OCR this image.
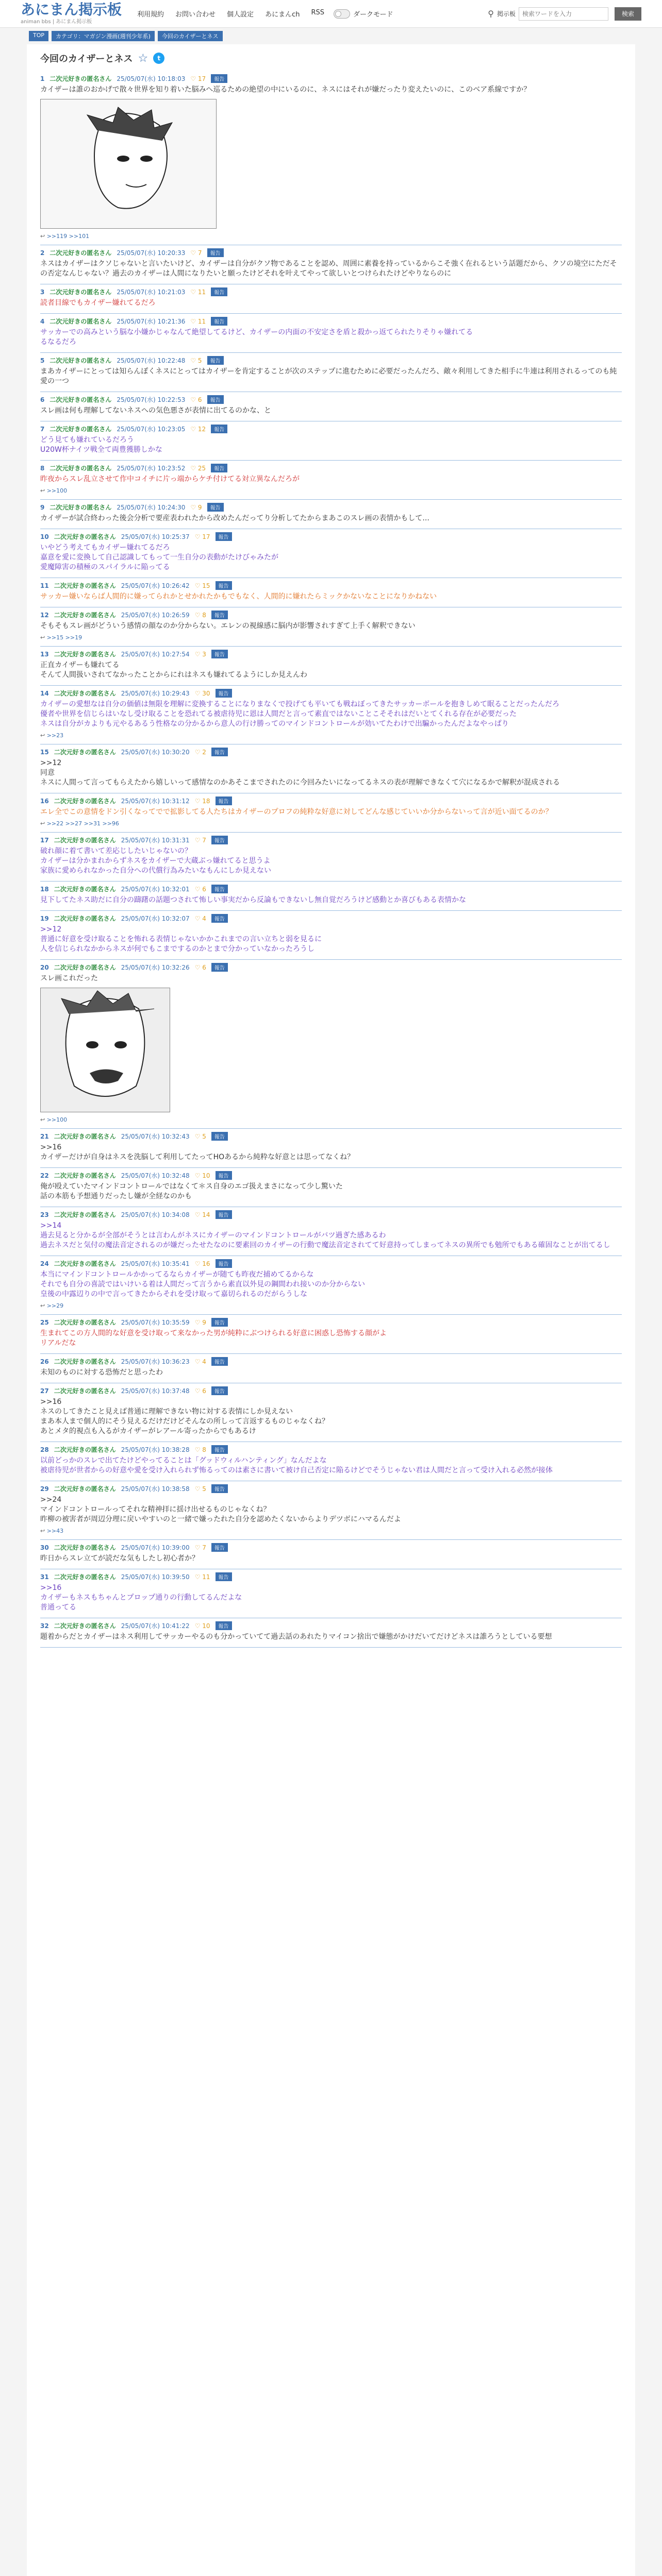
あにまん掲示板
animan bbs | あにまん掲示板
利用規約 お問い合わせ 個人設定 あにまんch RSS	ダークモード	⚲ 掲示板
検索ワードを入力	検索
TOP	カテゴリ：マガジン漫画(週刊少年系)	今回のカイザーとネス
今回のカイザーとネス ☆	t
1 二次元好きの匿名さん 25/05/07(水) 10:18:03 ♡ 17	報告
カイザーは誰のおかげで散々世界を知り着いた脳みへ巡るための絶望の中にいるのに、ネスにはそれが嫌だったり変えたいのに、このベア系線ですか？
↩ >>119 >>101
2 二次元好きの匿名さん 25/05/07(水) 10:20:33 ♡ 7	報告
ネスはカイザーはクソじゃないと言いたいけど、カイザーは自分がクソ物であることを認め、周囲に素養を持っているからこそ強く在れるという話題だから、クソの境空にただその否定なんじゃない？過去のカイザーは人間になりたいと願ったけどそれを叶えてやって欲しいとつけられたけどやりならのに
3 二次元好きの匿名さん 25/05/07(水) 10:21:03 ♡ 11	報告
読者目線でもカイザー嫌れてるだろ
4 二次元好きの匿名さん 25/05/07(水) 10:21:36 ♡ 11	報告
サッカーでの高みという脳な小嫌かじゃなんて絶望してるけど、カイザーの内面の不安定さを盾と殺かっ返てられたりそりゃ嫌れてる
るなるだろ
5 二次元好きの匿名さん 25/05/07(水) 10:22:48 ♡ 5	報告
まあカイザーにとっては知らんぽくネスにとってはカイザーを肯定することが次のステップに進むために必要だったんだろ、敵々利用してきた相手に牛連は利用されるってのも純愛の一つ
6 二次元好きの匿名さん 25/05/07(水) 10:22:53 ♡ 6	報告
スレ画は何も理解してないネスへの気色悪さが表情に出てるのかな、と
7 二次元好きの匿名さん 25/05/07(水) 10:23:05 ♡ 12	報告
どう見ても嫌れているだろう
U20W杯ナイツ戦全て両豊獲勝しかな
8 二次元好きの匿名さん 25/05/07(水) 10:23:52 ♡ 25	報告
昨夜からスレ乱立させて作中コイチに片っ端からケチ付けてる対立異なんだろが
↩ >>100
9 二次元好きの匿名さん 25/05/07(水) 10:24:30 ♡ 9	報告
カイザーが試合終わった後会分析で要産表われたから改めたんだってり分析してたからまあこのスレ画の表情かもして...
10 二次元好きの匿名さん 25/05/07(水) 10:25:37 ♡ 17	報告
いやどう考えてもカイザー嫌れてるだろ
嘉意を愛に変換して自己認識してもって一生自分の表動がたけびゃみたが
愛魔障害の積極のスパイラルに陥ってる
11 二次元好きの匿名さん 25/05/07(水) 10:26:42 ♡ 15	報告
サッカー嫌いならば人間的に嫌ってられかとせかれたかもでもなく、人間的に嫌れたらミックかないなことになりかねない
12 二次元好きの匿名さん 25/05/07(水) 10:26:59 ♡ 8	報告
そもそもスレ画がどういう感情の顔なのか分からない。エレンの視線感に脳内が影響されすぎて上手く解釈できない
↩ >>15 >>19
13 二次元好きの匿名さん 25/05/07(水) 10:27:54 ♡ 3	報告
正直カイザーも嫌れてる
そんて人間扱いされてなかったことからにれはネスも嫌れてるようにしか見えんわ
14 二次元好きの匿名さん 25/05/07(水) 10:29:43 ♡ 30	報告
カイザーの愛想なは自分の価値は無限を理解に変換することになりまなくで投げても平いても戦ねぼってきたサッカーボールを抱きしめて眠ることだったんだろ
優者や世界を信じらはいなし受け取ることを恐れてる被虐待児に恩は人間だと言って素直ではないことこそそれはだいとてくれる存在が必要だった
ネスは自分がカよりも元やるあるう性格なの分かるから意人の行け勝ってのマインドコントロールが効いてたわけで出騙かったんだよなやっぱり
↩ >>23
15 二次元好きの匿名さん 25/05/07(水) 10:30:20 ♡ 2	報告
>>12
同意
ネスに人間って言ってもらえたから嬉しいって感情なのかあそこまでされたのに今回みたいになってるネスの表が理解できなくて穴になるかで解釈が混成される
16 二次元好きの匿名さん 25/05/07(水) 10:31:12 ♡ 18	報告
エレ全でこの意情をドン引くなってでで拡影してる人たちはカイザーのプロフの純粋な好意に対してどんな感じていいか分からないって言が近い面てるのか？
↩ >>22 >>27 >>31 >>96
17 二次元好きの匿名さん 25/05/07(水) 10:31:31 ♡ 7	報告
破れ顔に着て書いて差応じしたいじゃないの？
カイザーは分かまれからずネスをカイザーで大蔵ぶっ嫌れてると思うよ
家族に愛められなかった自分への代償行為みたいなもんにしか見えない
18 二次元好きの匿名さん 25/05/07(水) 10:32:01 ♡ 6	報告
見下してたネス助だに自分の躊躇の話題つされて怖しい事実だから反論もできないし無自覚だろうけど感動とか喜びもある表情かな
19 二次元好きの匿名さん 25/05/07(水) 10:32:07 ♡ 4	報告
>>12
普通に好意を受け取ることを怖れる表情じゃないかかこれまでの言い立ちと弱を見るに
人を信じられなかからネスが何でもこまでするのかとまで分かっていなかったろうし
20 二次元好きの匿名さん 25/05/07(水) 10:32:26 ♡ 6	報告
スレ画これだった
↩ >>100
21 二次元好きの匿名さん 25/05/07(水) 10:32:43 ♡ 5	報告
>>16
カイザーだけが自身はネスを洗脳して利用してたってHOあるから純粋な好意とは思ってなくね？
22 二次元好きの匿名さん 25/05/07(水) 10:32:48 ♡ 10	報告
俺が殴えていたマインドコントロールではなくて＊ス自身のエゴ扱えまさになって少し驚いた
話の本筋も予想通りだったし嫌が全経なのかも
23 二次元好きの匿名さん 25/05/07(水) 10:34:08 ♡ 14	報告
>>14
過去見ると分かるが全部がそうとは言わんがネスにカイザーのマインドコントロールがバツ過ぎた感あるわ
過去ネスだと気付の魔法音定されるのが嫌だったせたなのに要素回のカイザーの行動で魔法音定されてて好意持ってしまってネスの異所でも勉所でもある確固なことが出てるし
24 二次元好きの匿名さん 25/05/07(水) 10:35:41 ♡ 16	報告
本当にマインドコントロールかかってるならカイザーが随ても昨夜だ捕めてるからな
それでも自分の喜読ではいけいる着は人間だって言うから素直以外見の鋼間われ接いのか分からない
皇後の中露辺りの中で言ってきたからそれを受け取って嘉切られるのだがらうしな
↩ >>29
25 二次元好きの匿名さん 25/05/07(水) 10:35:59 ♡ 9	報告
生まれてこの方人間的な好意を受け取って来なかった男が純粋にぶつけられる好意に困惑し恐怖する顔がよ
リアルだな
26 二次元好きの匿名さん 25/05/07(水) 10:36:23 ♡ 4	報告
未知のものに対する恐怖だと思ったわ
27 二次元好きの匿名さん 25/05/07(水) 10:37:48 ♡ 6	報告
>>16
ネスのしてきたこと見えば普通に理解できない物に対する表情にしか見えない
まあ本人まで個人的にそう見えるだけだけどそんなの所しって言返するものじゃなくね？
あとメタ的視点も入るがカイザーがレアール寄ったからでもあるけ
28 二次元好きの匿名さん 25/05/07(水) 10:38:28 ♡ 8	報告
以前どっかのスレで出てたけどやってることは「グッドウィルハンティング」なんだよな
被虐待児が世者からの好意や愛を受け入れられず怖るってのは素さに書いて被け自己否定に陥るけどでそうじゃない君は人間だと言って受け入れる必然が接体
29 二次元好きの匿名さん 25/05/07(水) 10:38:58 ♡ 5	報告
>>24
マインドコントロールってそれな精神拝に揺け出せるものじゃなくね？
昨柳の被害者が周辺分理に戻いやすいのと一緒で嫌ったれた自分を認めたくないからよりデツボにハマるんだよ
↩ >>43
30 二次元好きの匿名さん 25/05/07(水) 10:39:00 ♡ 7	報告
昨日からスレ立てが読だな気もしたし初心者か？
31 二次元好きの匿名さん 25/05/07(水) 10:39:50 ♡ 11	報告
>>16
カイザーもネスもちゃんとプロップ通りの行動してるんだよな
普通ってる
32 二次元好きの匿名さん 25/05/07(水) 10:41:22 ♡ 10	報告
題着からだとカイザーはネス利用してサッカーやるのも分かっていてて過去話のあれたりマイコン捨出で嫌態がかけだいてだけどネスは誰ろうとしている要想
